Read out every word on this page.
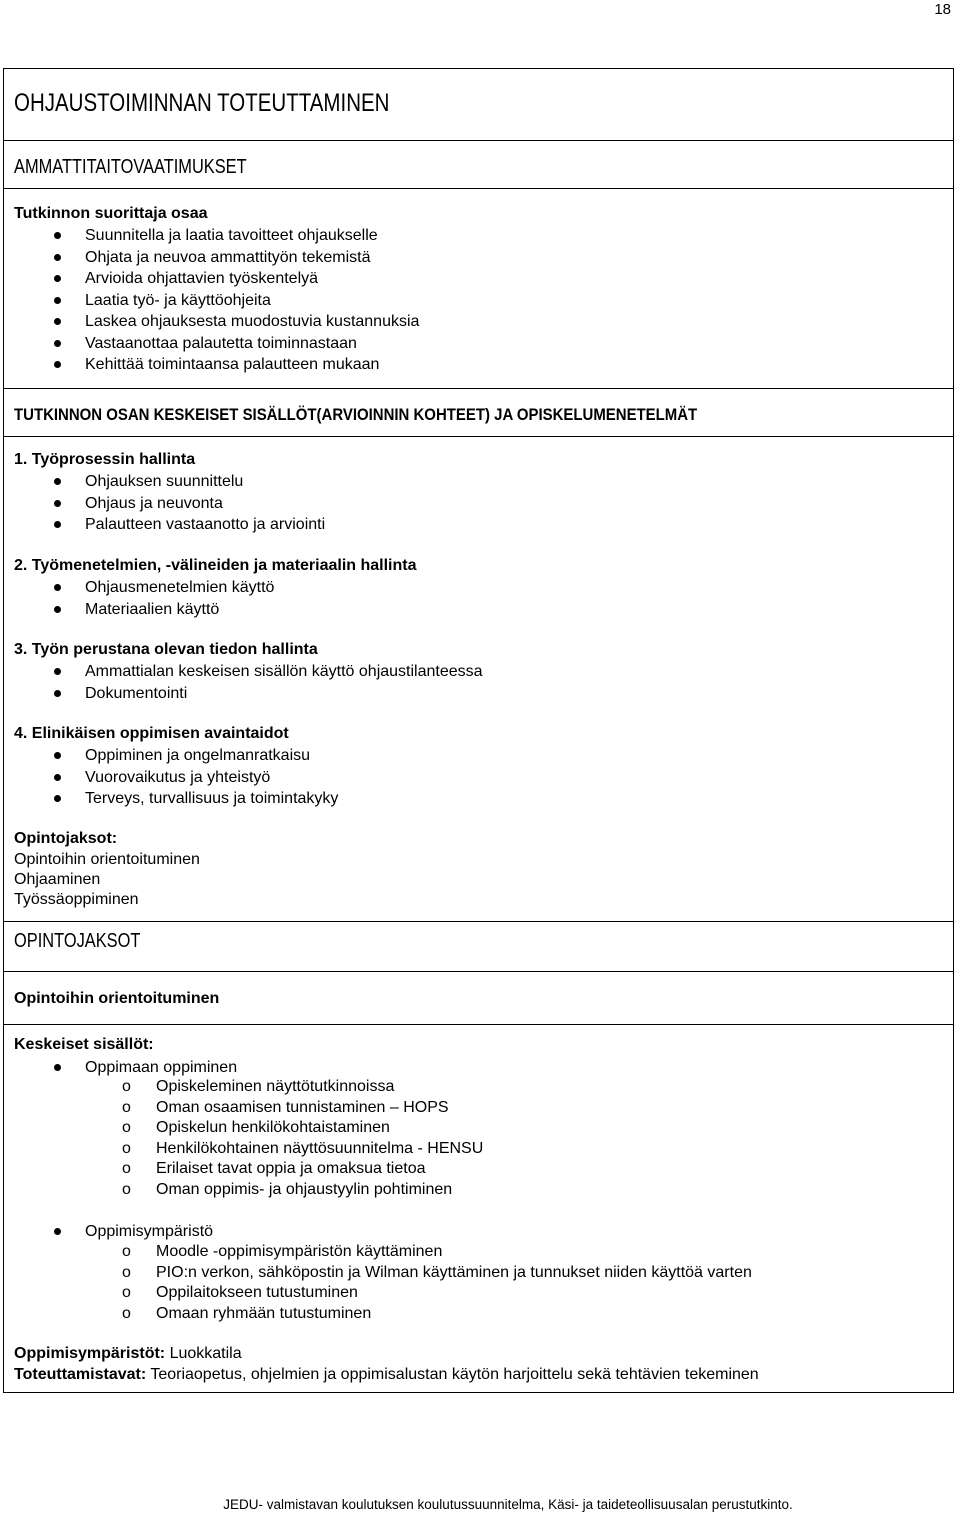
18
OHJAUSTOIMINNAN TOTEUTTAMINEN
AMMATTITAITOVAATIMUKSET
Tutkinnon suorittaja osaa
Suunnitella ja laatia tavoitteet ohjaukselle
Ohjata ja neuvoa ammattityön tekemistä
Arvioida ohjattavien työskentelyä
Laatia työ- ja käyttöohjeita
Laskea ohjauksesta muodostuvia kustannuksia
Vastaanottaa palautetta toiminnastaan
Kehittää toimintaansa palautteen mukaan
TUTKINNON OSAN KESKEISET SISÄLLÖT(ARVIOINNIN KOHTEET) JA OPISKELUMENETELMÄT
1. Työprosessin hallinta
Ohjauksen suunnittelu
Ohjaus ja neuvonta
Palautteen vastaanotto ja arviointi
2. Työmenetelmien, -välineiden ja materiaalin hallinta
Ohjausmenetelmien käyttö
Materiaalien käyttö
3. Työn perustana olevan tiedon hallinta
Ammattialan keskeisen sisällön käyttö ohjaustilanteessa
Dokumentointi
4. Elinikäisen oppimisen avaintaidot
Oppiminen ja ongelmanratkaisu
Vuorovaikutus ja yhteistyö
Terveys, turvallisuus ja toimintakyky
Opintojaksot:
Opintoihin orientoituminen
Ohjaaminen
Työssäoppiminen
OPINTOJAKSOT
Opintoihin orientoituminen
Keskeiset sisällöt:
Oppimaan oppiminen
o Opiskeleminen näyttötutkinnoissa
o Oman osaamisen tunnistaminen – HOPS
o Opiskelun henkilökohtaistaminen
o Henkilökohtainen näyttösuunnitelma - HENSU
o Erilaiset tavat oppia ja omaksua tietoa
o Oman oppimis- ja ohjaustyylin pohtiminen
Oppimisympäristö
o Moodle -oppimisympäristön käyttäminen
o PIO:n verkon, sähköpostin ja Wilman käyttäminen ja tunnukset niiden käyttöä varten
o Oppilaitokseen tutustuminen
o Omaan ryhmään tutustuminen
Oppimisympäristöt: Luokkatila
Toteuttamistavat: Teoriaopetus, ohjelmien ja oppimisalustan käytön harjoittelu sekä tehtävien tekeminen
JEDU- valmistavan koulutuksen koulutussuunnitelma, Käsi- ja taideteollisuusalan perustutkinto.
